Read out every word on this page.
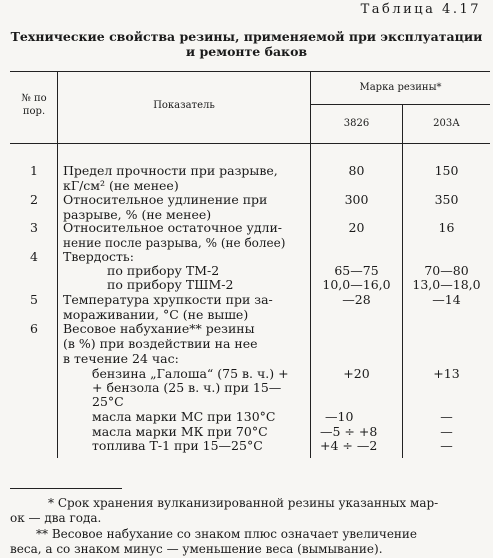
Таблица 4.17
Технические свойства резины, применяемой при эксплуатации
и ремонте баков
№ по пор.
Показатель
Марка резины*
3826	203А
1	Предел прочности при разрыве,
кГ/см² (не менее)
80	150
2	Относительное удлинение при
разрыве, % (не менее)
300	350
3	Относительное остаточное удли-
нение после разрыва, % (не более)
20	16
4	Твердость:
по прибору ТМ-2	65—75	70—80
по прибору ТШМ-2	10,0—16,0	13,0—18,0
5	Температура хрупкости при за-
мораживании, °С (не выше)
—28	—14
6	Весовое набухание** резины
(в %) при воздействии на нее
в течение 24 час:
бензина „Галоша“ (75 в. ч.) +
+ бензола (25 в. ч.) при 15—
25°С
+20	+13
масла марки МС при 130°С	—10	—
масла марки МК при 70°С	—5 ÷ +8	—
топлива Т-1 при 15—25°С	+4 ÷ —2	—
* Срок хранения вулканизированной резины указанных мар-
ок — два года.
** Весовое набухание со знаком плюс означает увеличение
веса, а со знаком минус — уменьшение веса (вымывание).
